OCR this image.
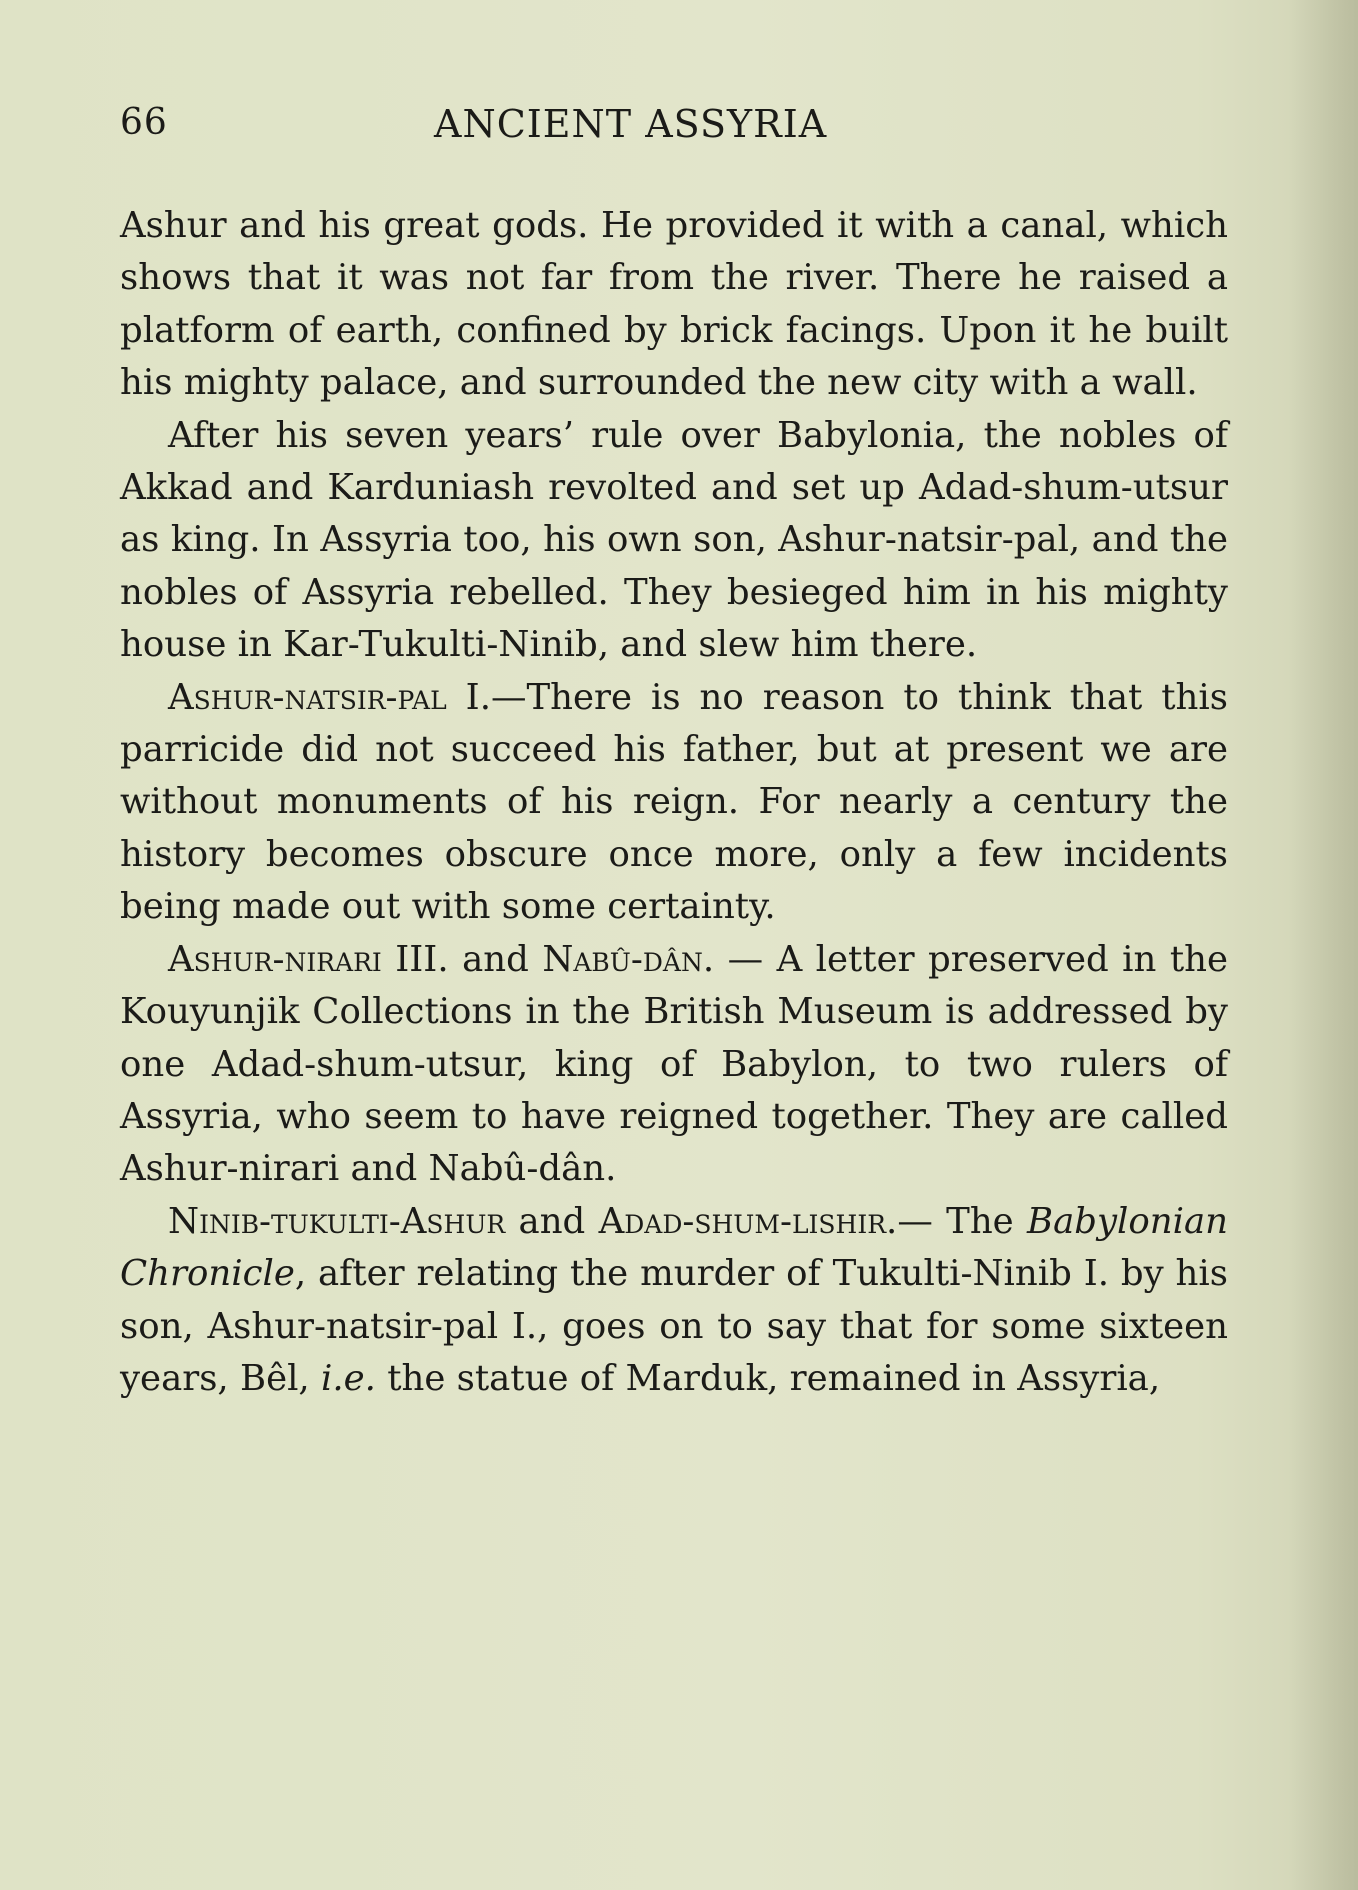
66	ANCIENT ASSYRIA

Ashur and his great gods. He provided it with a canal, which shows that it was not far from the river. There he raised a platform of earth, confined by brick facings. Upon it he built his mighty palace, and surrounded the new city with a wall.

After his seven years’ rule over Babylonia, the nobles of Akkad and Karduniash revolted and set up Adad-shum-utsur as king. In Assyria too, his own son, Ashur-natsir-pal, and the nobles of Assyria rebelled. They besieged him in his mighty house in Kar-Tukulti-Ninib, and slew him there.

Ashur-natsir-pal I.—There is no reason to think that this parricide did not succeed his father, but at present we are without monuments of his reign. For nearly a century the history becomes obscure once more, only a few incidents being made out with some certainty.

Ashur-nirari III. and Nabû-dân. — A letter preserved in the Kouyunjik Collections in the British Museum is addressed by one Adad-shum-utsur, king of Babylon, to two rulers of Assyria, who seem to have reigned together. They are called Ashur-nirari and Nabû-dân.

Ninib-tukulti-Ashur and Adad-shum-lishir.— The Babylonian Chronicle, after relating the murder of Tukulti-Ninib I. by his son, Ashur-natsir-pal I., goes on to say that for some sixteen years, Bêl, i.e. the statue of Marduk, remained in Assyria,
